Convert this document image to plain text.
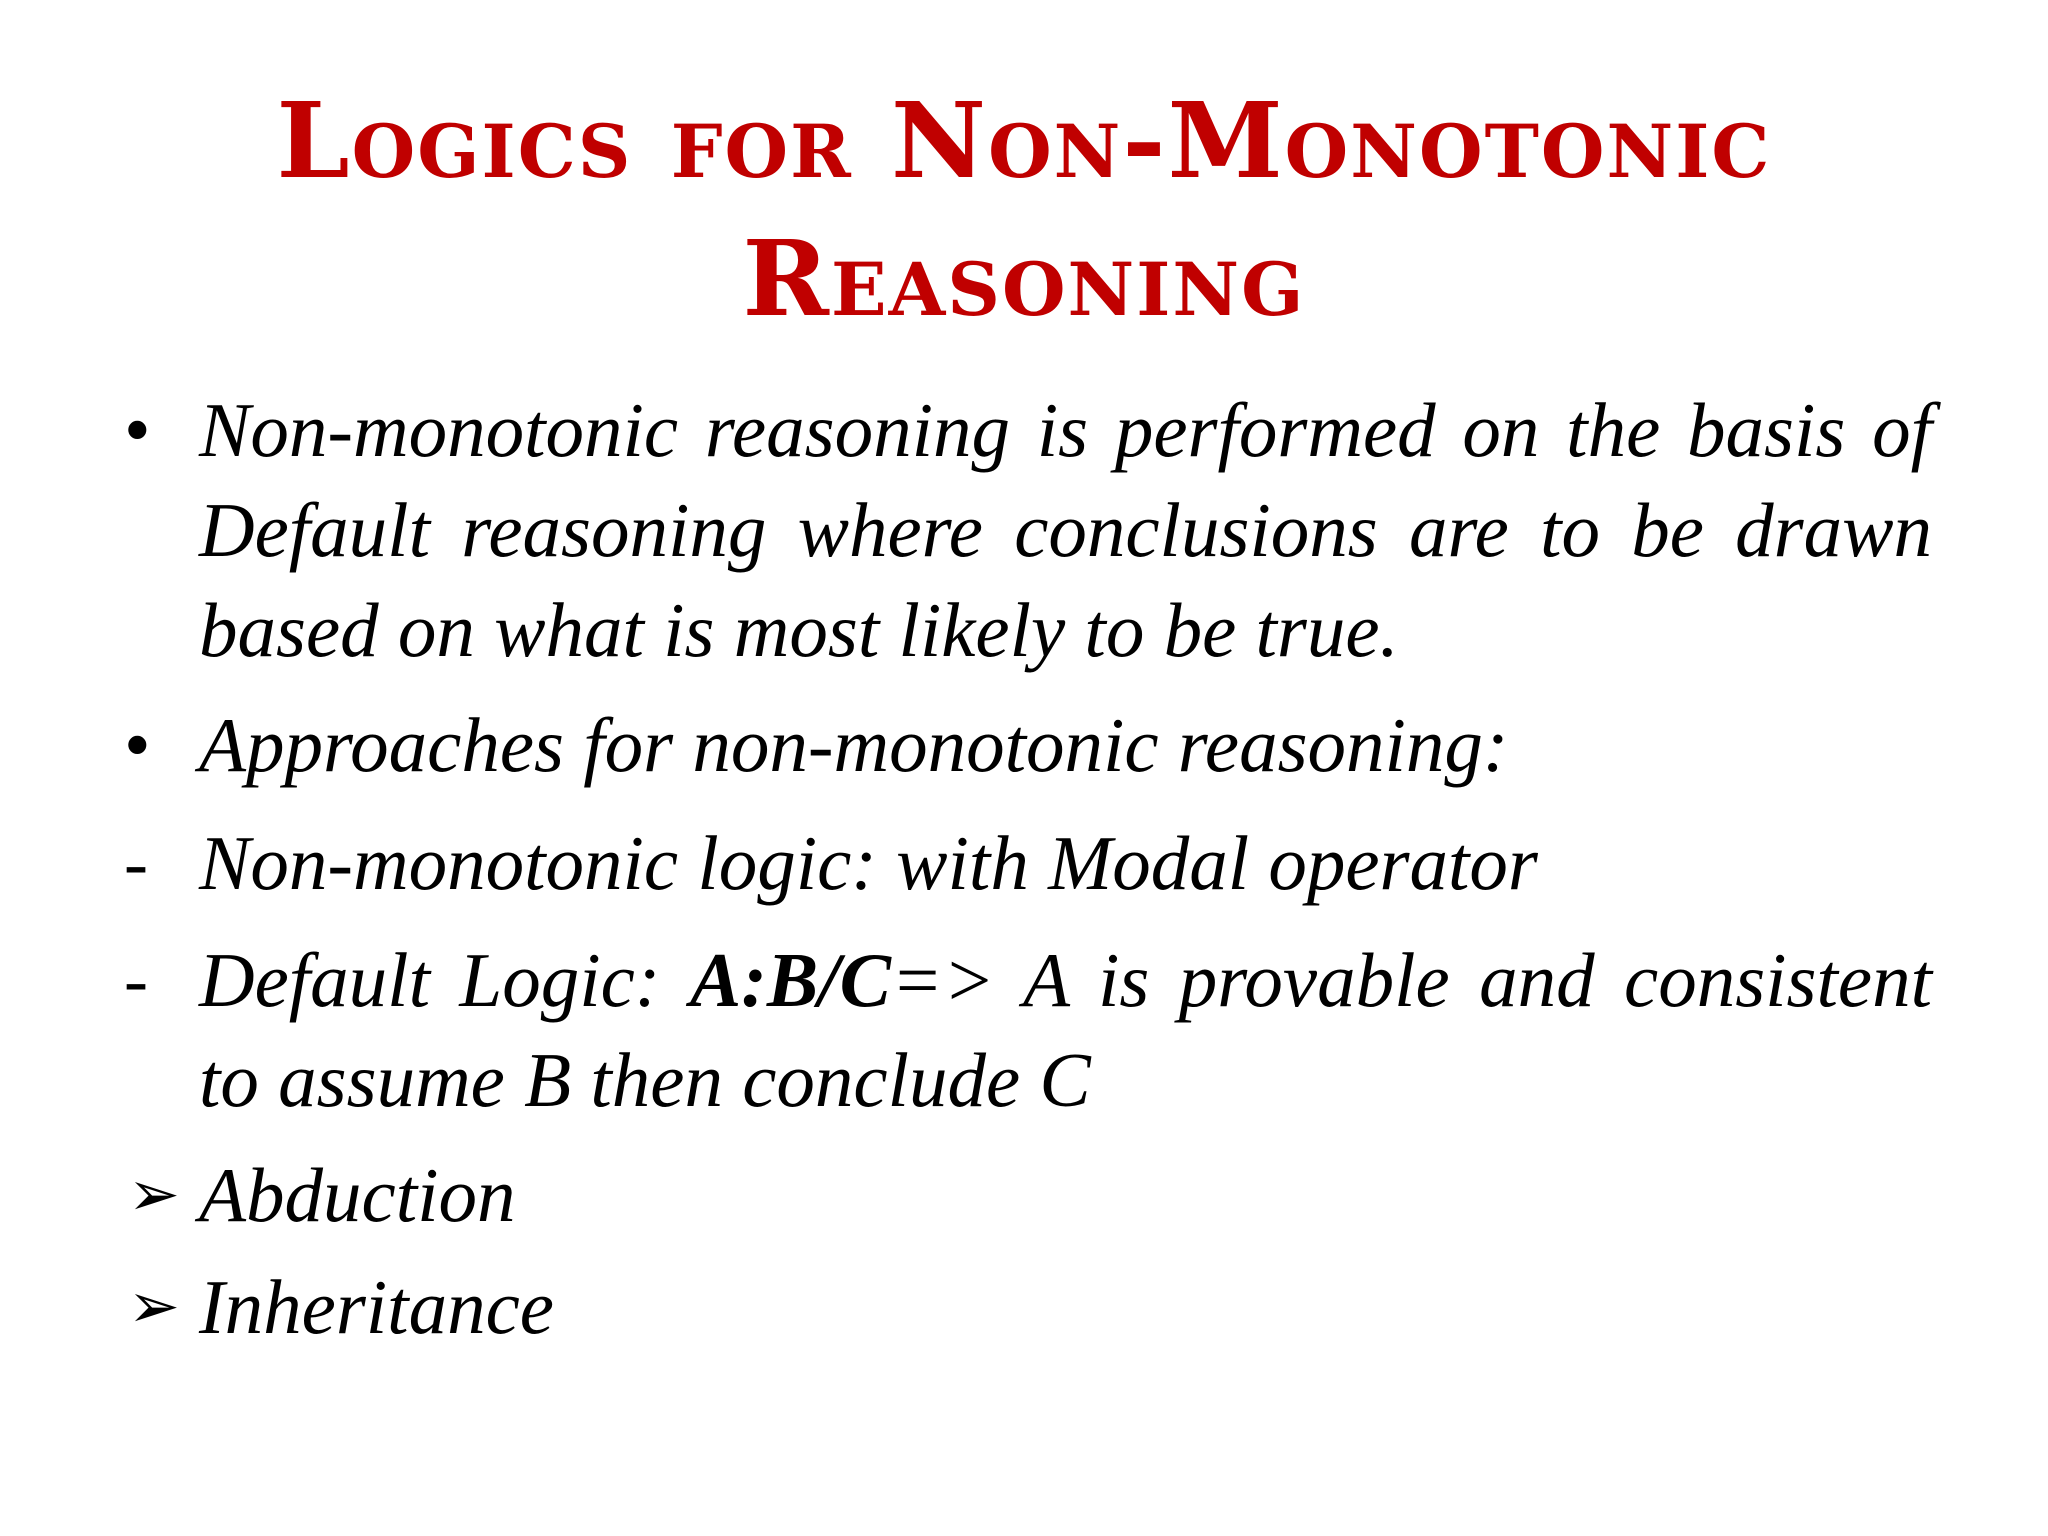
Logics for Non-Monotonic
Reasoning
• Non-monotonic reasoning is performed on the basis of Default reasoning where conclusions are to be drawn based on what is most likely to be true.
• Approaches for non-monotonic reasoning:
- Non-monotonic logic: with Modal operator
- Default Logic: A:B/C=> A is provable and consistent to assume B then conclude C
➢ Abduction
➢ Inheritance
